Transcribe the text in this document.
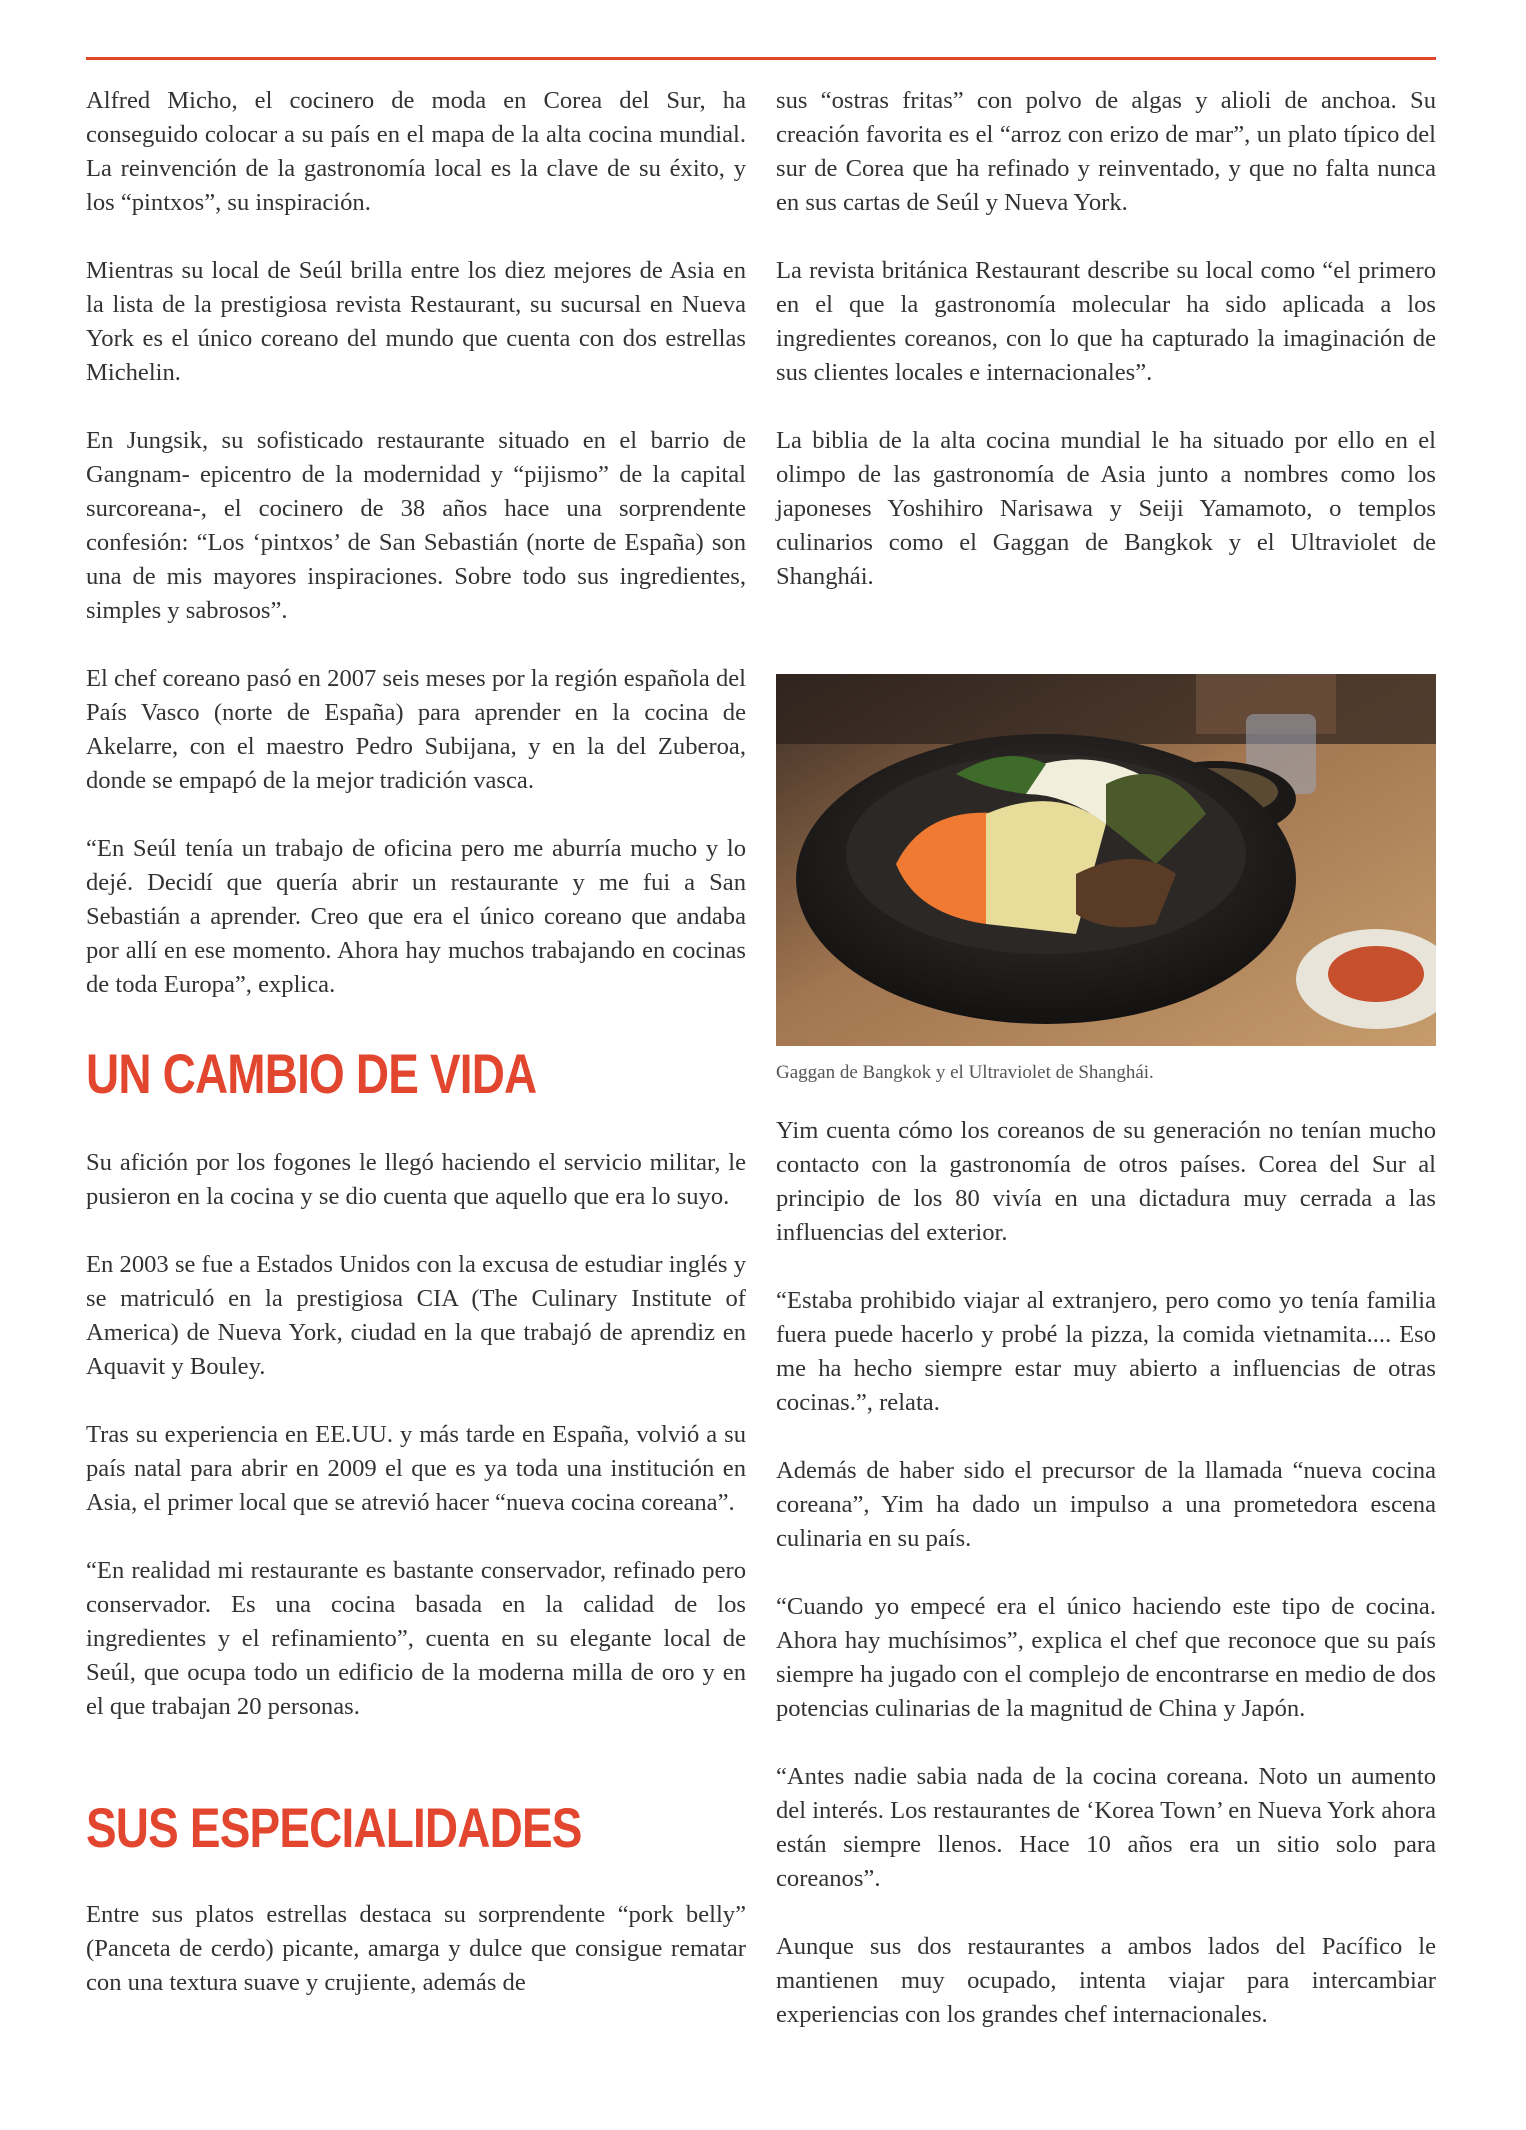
Alfred Micho, el cocinero de moda en Corea del Sur, ha conseguido colocar a su país en el mapa de la alta cocina mundial. La reinvención de la gastronomía local es la clave de su éxito, y los “pintxos”, su inspiración.

Mientras su local de Seúl brilla entre los diez mejores de Asia en la lista de la prestigiosa revista Restaurant, su sucursal en Nueva York es el único coreano del mundo que cuenta con dos estrellas Michelin.

En Jungsik, su sofisticado restaurante situado en el barrio de Gangnam- epicentro de la modernidad y “pijismo” de la capital surcoreana-, el cocinero de 38 años hace una sorprendente confesión: “Los ‘pintxos’ de San Sebastián (norte de España) son una de mis mayores inspiraciones. Sobre todo sus ingredientes, simples y sabrosos”.

El chef coreano pasó en 2007 seis meses por la región española del País Vasco (norte de España) para aprender en la cocina de Akelarre, con el maestro Pedro Subijana, y en la del Zuberoa, donde se empapó de la mejor tradición vasca.

“En Seúl tenía un trabajo de oficina pero me aburría mucho y lo dejé. Decidí que quería abrir un restaurante y me fui a San Sebastián a aprender. Creo que era el único coreano que andaba por allí en ese momento. Ahora hay muchos trabajando en cocinas de toda Europa”, explica.

UN CAMBIO DE VIDA

Su afición por los fogones le llegó haciendo el servicio militar, le pusieron en la cocina y se dio cuenta que aquello que era lo suyo.

En 2003 se fue a Estados Unidos con la excusa de estudiar inglés y se matriculó en la prestigiosa CIA (The Culinary Institute of America) de Nueva York, ciudad en la que trabajó de aprendiz en Aquavit y Bouley.

Tras su experiencia en EE.UU. y más tarde en España, volvió a su país natal para abrir en 2009 el que es ya toda una institución en Asia, el primer local que se atrevió hacer “nueva cocina coreana”.

“En realidad mi restaurante es bastante conservador, refinado pero conservador. Es una cocina basada en la calidad de los ingredientes y el refinamiento”, cuenta en su elegante local de Seúl, que ocupa todo un edificio de la moderna milla de oro y en el que trabajan 20 personas.

SUS ESPECIALIDADES

Entre sus platos estrellas destaca su sorprendente “pork belly” (Panceta de cerdo) picante, amarga y dulce que consigue rematar con una textura suave y crujiente, además de

sus “ostras fritas” con polvo de algas y alioli de anchoa. Su creación favorita es el “arroz con erizo de mar”, un plato típico del sur de Corea que ha refinado y reinventado, y que no falta nunca en sus cartas de Seúl y Nueva York.

La revista británica Restaurant describe su local como “el primero en el que la gastronomía molecular ha sido aplicada a los ingredientes coreanos, con lo que ha capturado la imaginación de sus clientes locales e internacionales”.

La biblia de la alta cocina mundial le ha situado por ello en el olimpo de las gastronomía de Asia junto a nombres como los japoneses Yoshihiro Narisawa y Seiji Yamamoto, o templos culinarios como el Gaggan de Bangkok y el Ultraviolet de Shanghái.

Gaggan de Bangkok y el Ultraviolet de Shanghái.

Yim cuenta cómo los coreanos de su generación no tenían mucho contacto con la gastronomía de otros países. Corea del Sur al principio de los 80 vivía en una dictadura muy cerrada a las influencias del exterior.

“Estaba prohibido viajar al extranjero, pero como yo tenía familia fuera puede hacerlo y probé la pizza, la comida vietnamita.... Eso me ha hecho siempre estar muy abierto a influencias de otras cocinas.”, relata.

Además de haber sido el precursor de la llamada “nueva cocina coreana”, Yim ha dado un impulso a una prometedora escena culinaria en su país.

“Cuando yo empecé era el único haciendo este tipo de cocina. Ahora hay muchísimos”, explica el chef que reconoce que su país siempre ha jugado con el complejo de encontrarse en medio de dos potencias culinarias de la magnitud de China y Japón.

“Antes nadie sabia nada de la cocina coreana. Noto un aumento del interés. Los restaurantes de ‘Korea Town’ en Nueva York ahora están siempre llenos. Hace 10 años era un sitio solo para coreanos”.

Aunque sus dos restaurantes a ambos lados del Pacífico le mantienen muy ocupado, intenta viajar para intercambiar experiencias con los grandes chef internacionales.
